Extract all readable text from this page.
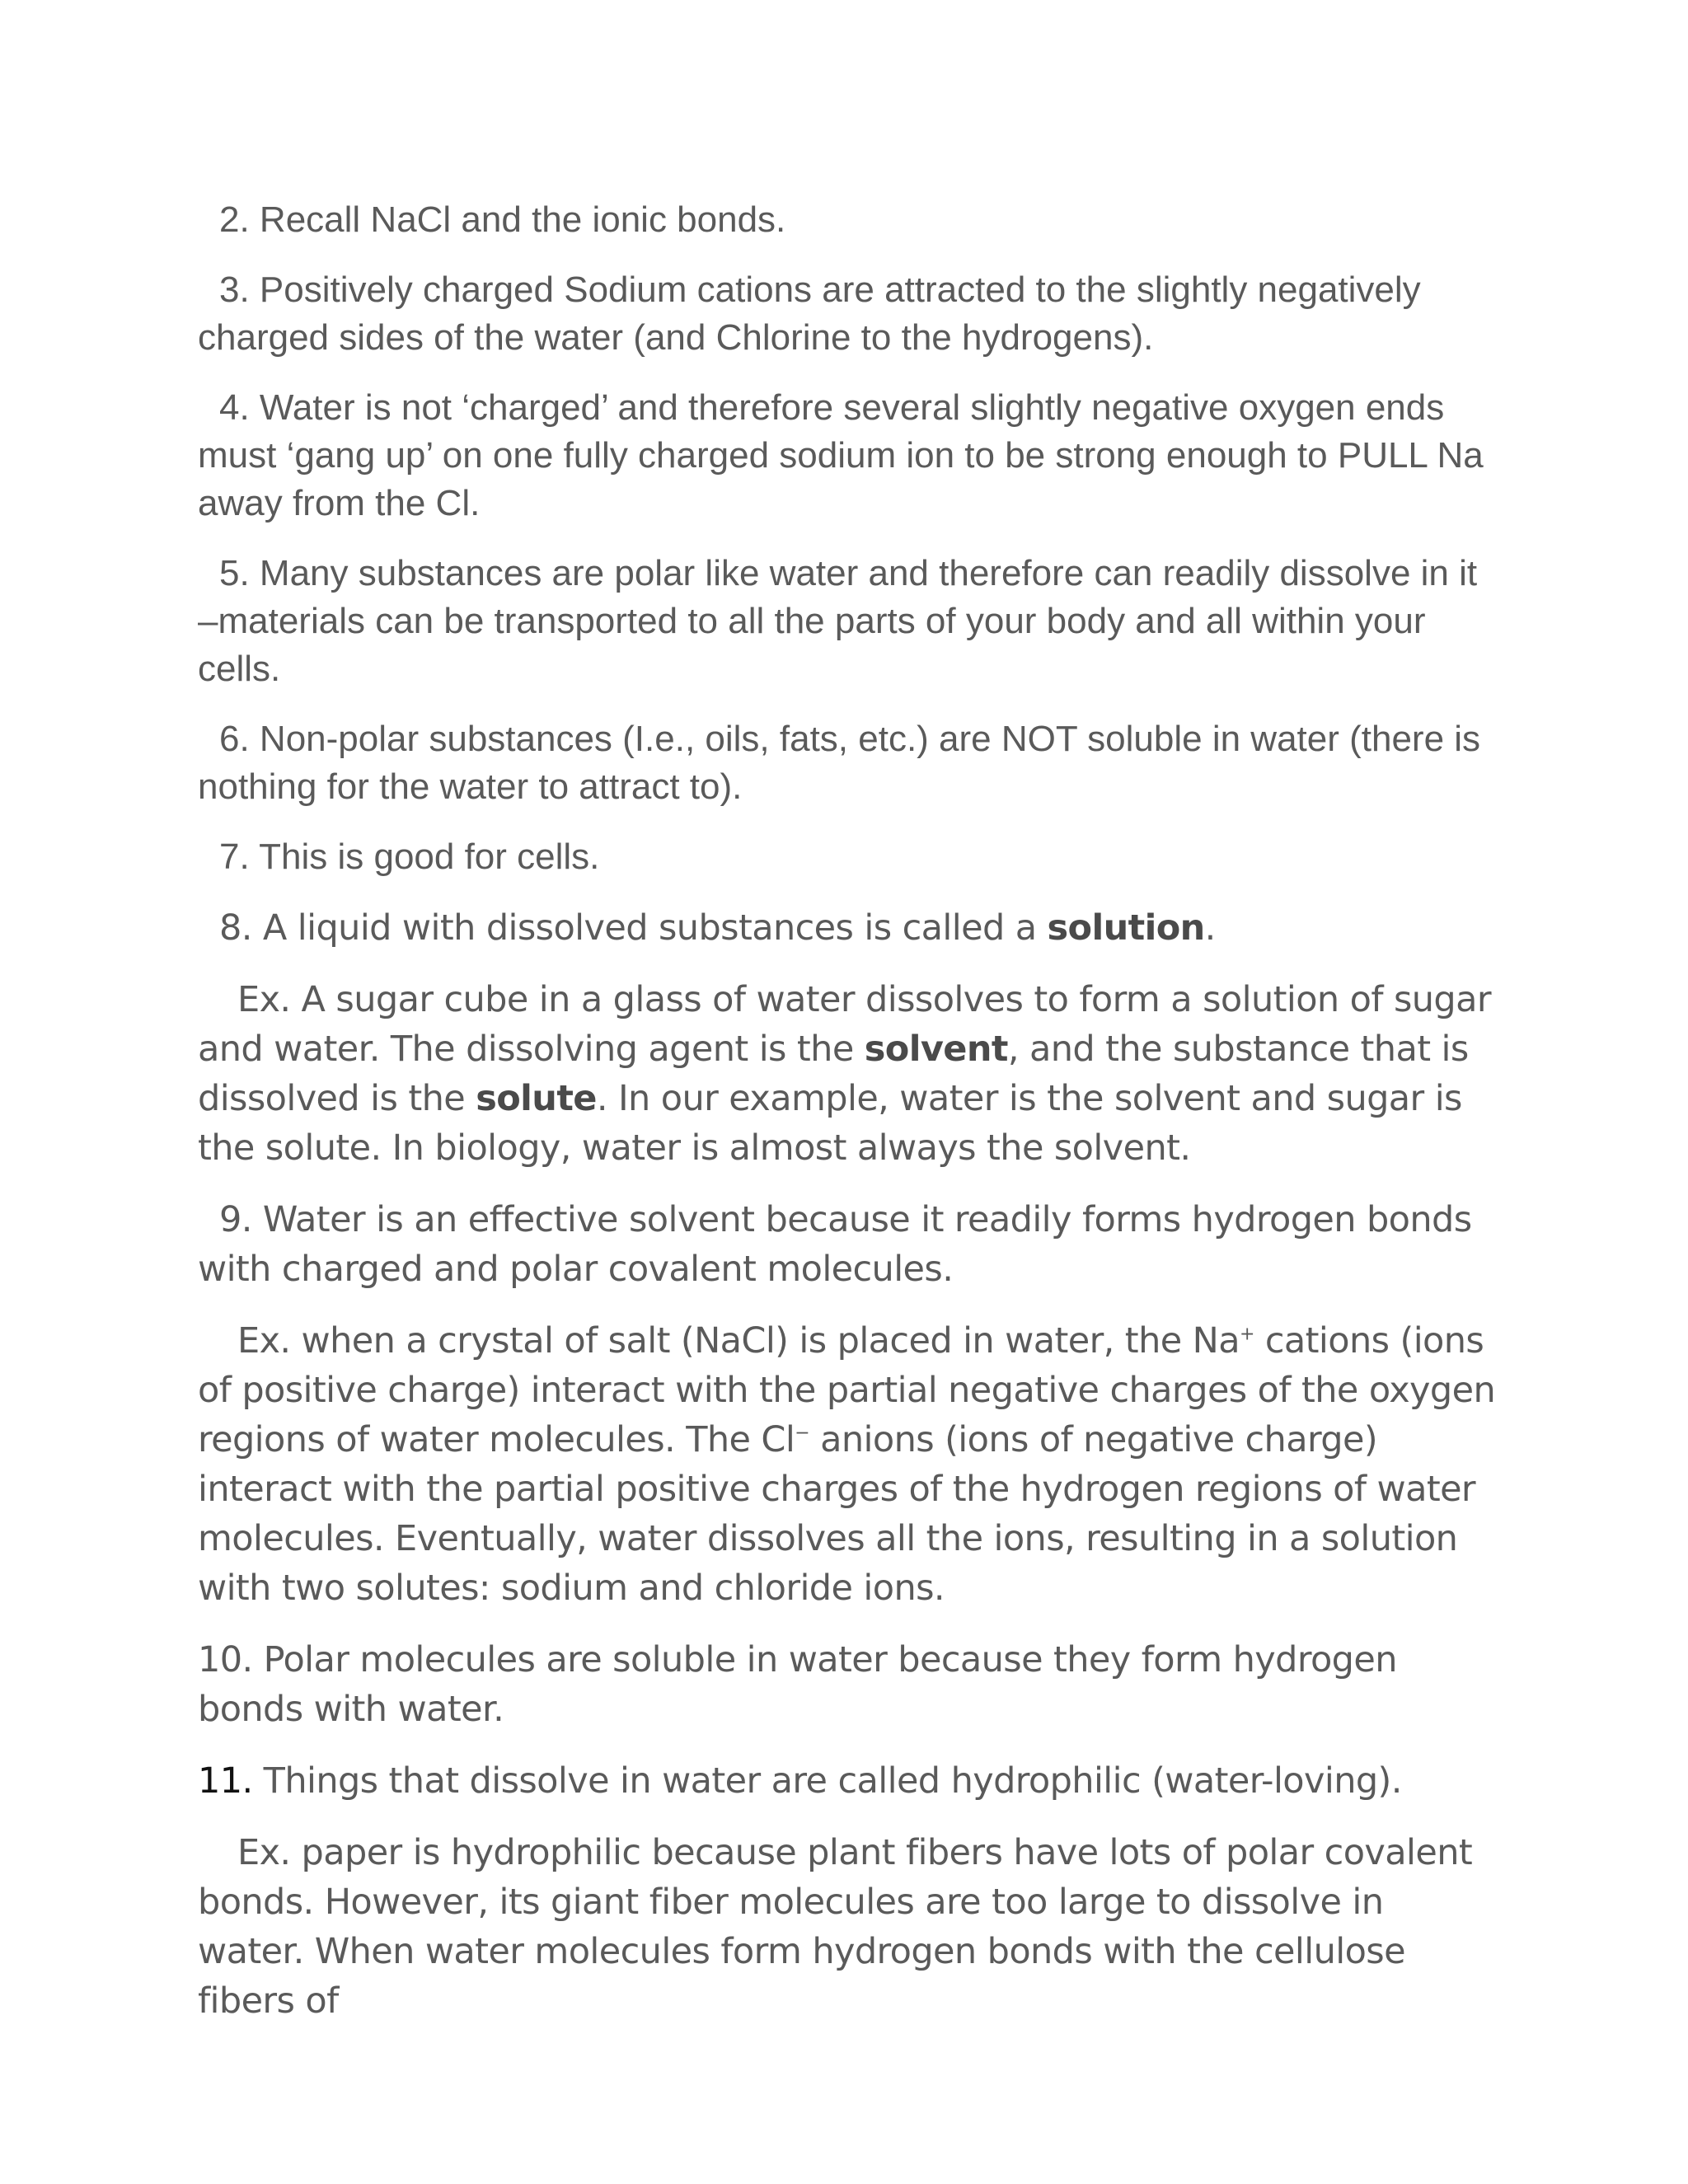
2. Recall NaCl and the ionic bonds.

3. Positively charged Sodium cations are attracted to the slightly negatively charged sides of the water (and Chlorine to the hydrogens).

4. Water is not ‘charged’ and therefore several slightly negative oxygen ends must ‘gang up’ on one fully charged sodium ion to be strong enough to PULL Na away from the Cl.

5. Many substances are polar like water and therefore can readily dissolve in it –materials can be transported to all the parts of your body and all within your cells.

6. Non-polar substances (I.e., oils, fats, etc.) are NOT soluble in water (there is nothing for the water to attract to).

7. This is good for cells.

8. A liquid with dissolved substances is called a solution.

Ex. A sugar cube in a glass of water dissolves to form a solution of sugar and water. The dissolving agent is the solvent, and the substance that is dissolved is the solute. In our example, water is the solvent and sugar is the solute. In biology, water is almost always the solvent.

9. Water is an effective solvent because it readily forms hydrogen bonds with charged and polar covalent molecules.

Ex. when a crystal of salt (NaCl) is placed in water, the Na+ cations (ions of positive charge) interact with the partial negative charges of the oxygen regions of water molecules. The Cl− anions (ions of negative charge) interact with the partial positive charges of the hydrogen regions of water molecules. Eventually, water dissolves all the ions, resulting in a solution with two solutes: sodium and chloride ions.

10. Polar molecules are soluble in water because they form hydrogen bonds with water.

11. Things that dissolve in water are called hydrophilic (water-loving).

Ex. paper is hydrophilic because plant fibers have lots of polar covalent bonds. However, its giant fiber molecules are too large to dissolve in water. When water molecules form hydrogen bonds with the cellulose fibers of
